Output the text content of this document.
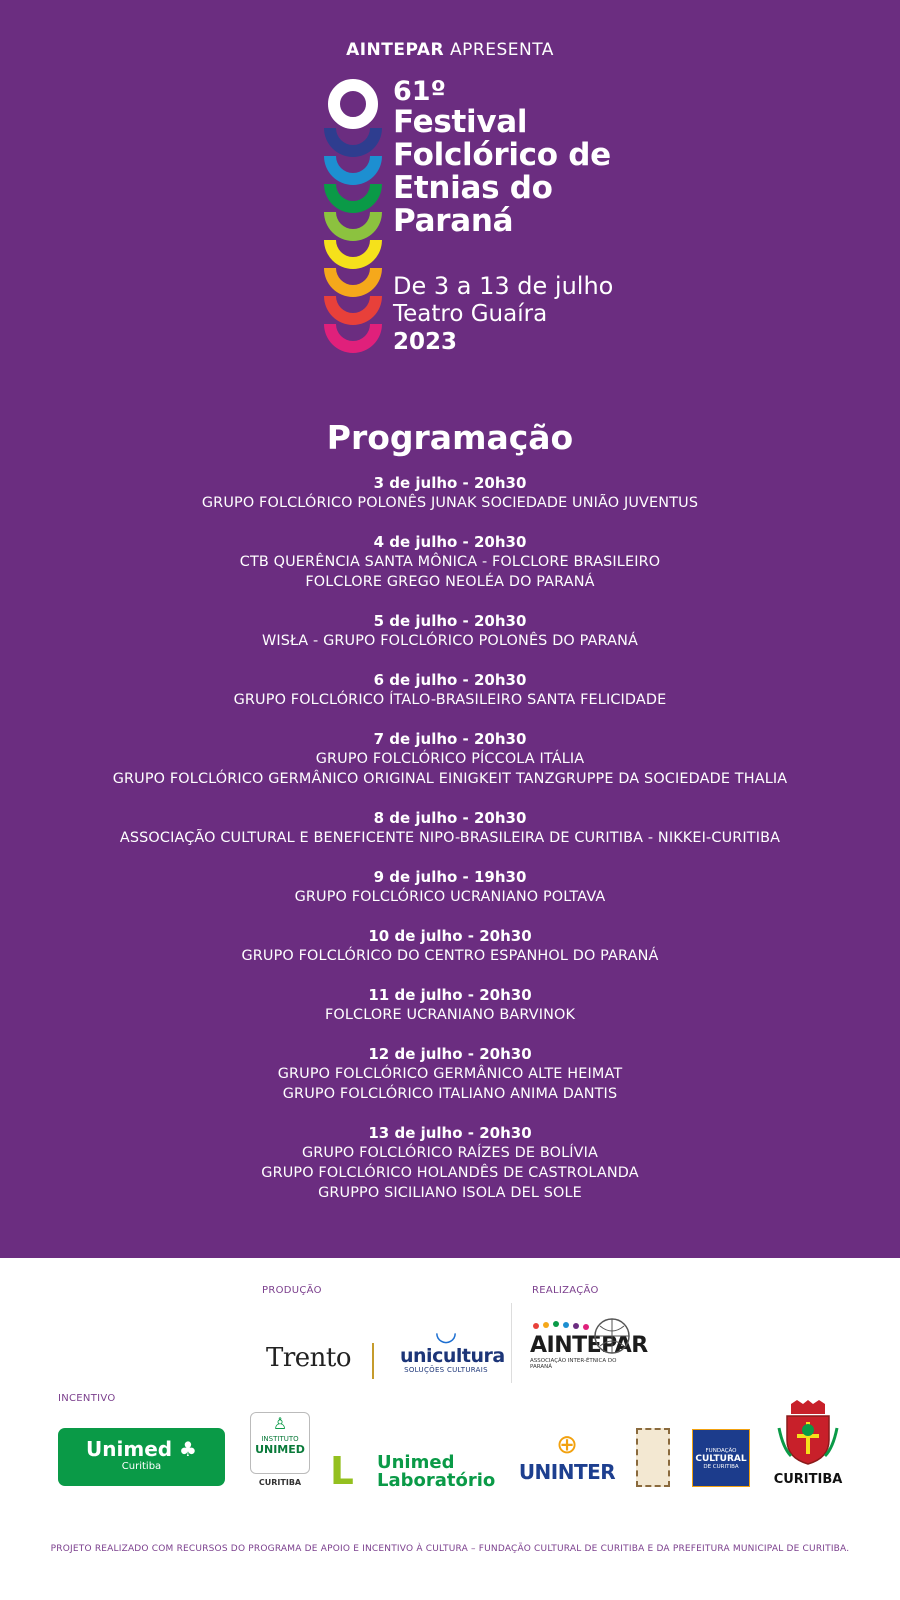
AINTEPAR APRESENTA
61º
Festival
Folclórico de
Etnias do
Paraná
De 3 a 13 de julho
Teatro Guaíra
2023
Programação
3 de julho - 20h30
GRUPO FOLCLÓRICO POLONÊS JUNAK SOCIEDADE UNIÃO JUVENTUS
4 de julho - 20h30
CTB QUERÊNCIA SANTA MÔNICA - FOLCLORE BRASILEIRO
FOLCLORE GREGO NEOLÉA DO PARANÁ
5 de julho - 20h30
WISŁA - GRUPO FOLCLÓRICO POLONÊS DO PARANÁ
6 de julho - 20h30
GRUPO FOLCLÓRICO ÍTALO-BRASILEIRO SANTA FELICIDADE
7 de julho - 20h30
GRUPO FOLCLÓRICO PÍCCOLA ITÁLIA
GRUPO FOLCLÓRICO GERMÂNICO ORIGINAL EINIGKEIT TANZGRUPPE DA SOCIEDADE THALIA
8 de julho - 20h30
ASSOCIAÇÃO CULTURAL E BENEFICENTE NIPO-BRASILEIRA DE CURITIBA - NIKKEI-CURITIBA
9 de julho - 19h30
GRUPO FOLCLÓRICO UCRANIANO POLTAVA
10 de julho - 20h30
GRUPO FOLCLÓRICO DO CENTRO ESPANHOL DO PARANÁ
11 de julho - 20h30
FOLCLORE UCRANIANO BARVINOK
12 de julho - 20h30
GRUPO FOLCLÓRICO GERMÂNICO ALTE HEIMAT
GRUPO FOLCLÓRICO ITALIANO ANIMA DANTIS
13 de julho - 20h30
GRUPO FOLCLÓRICO RAÍZES DE BOLÍVIA
GRUPO FOLCLÓRICO HOLANDÊS DE CASTROLANDA
GRUPPO SICILIANO ISOLA DEL SOLE
PRODUÇÃO	REALIZAÇÃO
Trento
◡
unicultura
SOLUÇÕES CULTURAIS
AINTEPAR
ASSOCIAÇÃO INTER-ÉTNICA DO PARANÁ
INCENTIVO
Unimed ♣
Curitiba
♙
INSTITUTO
UNIMED
CURITIBA ᒪ Unimed
Laboratório
⊕
UNINTER
FUNDAÇÃO
CULTURAL
DE CURITIBA
CURITIBA
PROJETO REALIZADO COM RECURSOS DO PROGRAMA DE APOIO E INCENTIVO À CULTURA – FUNDAÇÃO CULTURAL DE CURITIBA E DA PREFEITURA MUNICIPAL DE CURITIBA.
